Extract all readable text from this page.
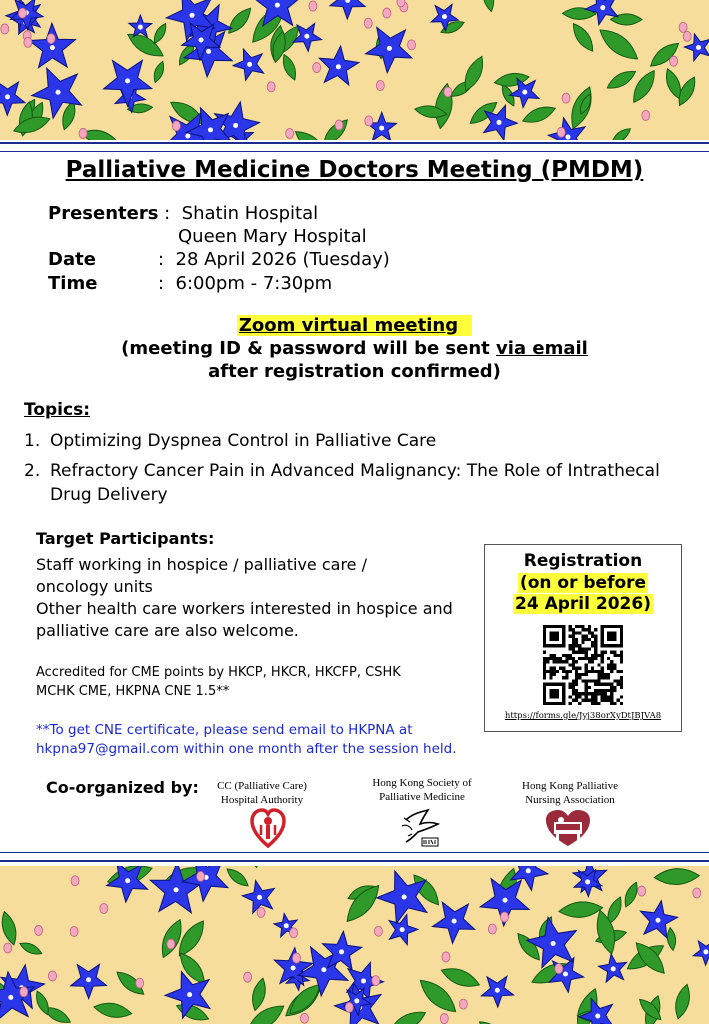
Palliative Medicine Doctors Meeting (PMDM)
Presenters :  Shatin Hospital
Queen Mary Hospital
Date	:  28 April 2026 (Tuesday)
Time	:  6:00pm - 7:30pm
Zoom virtual meeting
(meeting ID & password will be sent via email
after registration confirmed)
Topics:
1. Optimizing Dyspnea Control in Palliative Care
2. Refractory Cancer Pain in Advanced Malignancy: The Role of Intrathecal Drug Delivery
Target Participants:
Staff working in hospice / palliative care /
oncology units
Other health care workers interested in hospice and
palliative care are also welcome.
Accredited for CME points by HKCP, HKCR, HKCFP, CSHK
MCHK CME, HKPNA CNE 1.5**
**To get CNE certificate, please send email to HKPNA at
hkpna97@gmail.com within one month after the session held.
Registration
(on or before
24 April 2026)
https://forms.gle/Jyj38orXyDtJBJVA8
Co-organized by:	CC (Palliative Care)
Hospital Authority
Hong Kong Society of
Palliative Medicine
Hong Kong Palliative
Nursing Association
